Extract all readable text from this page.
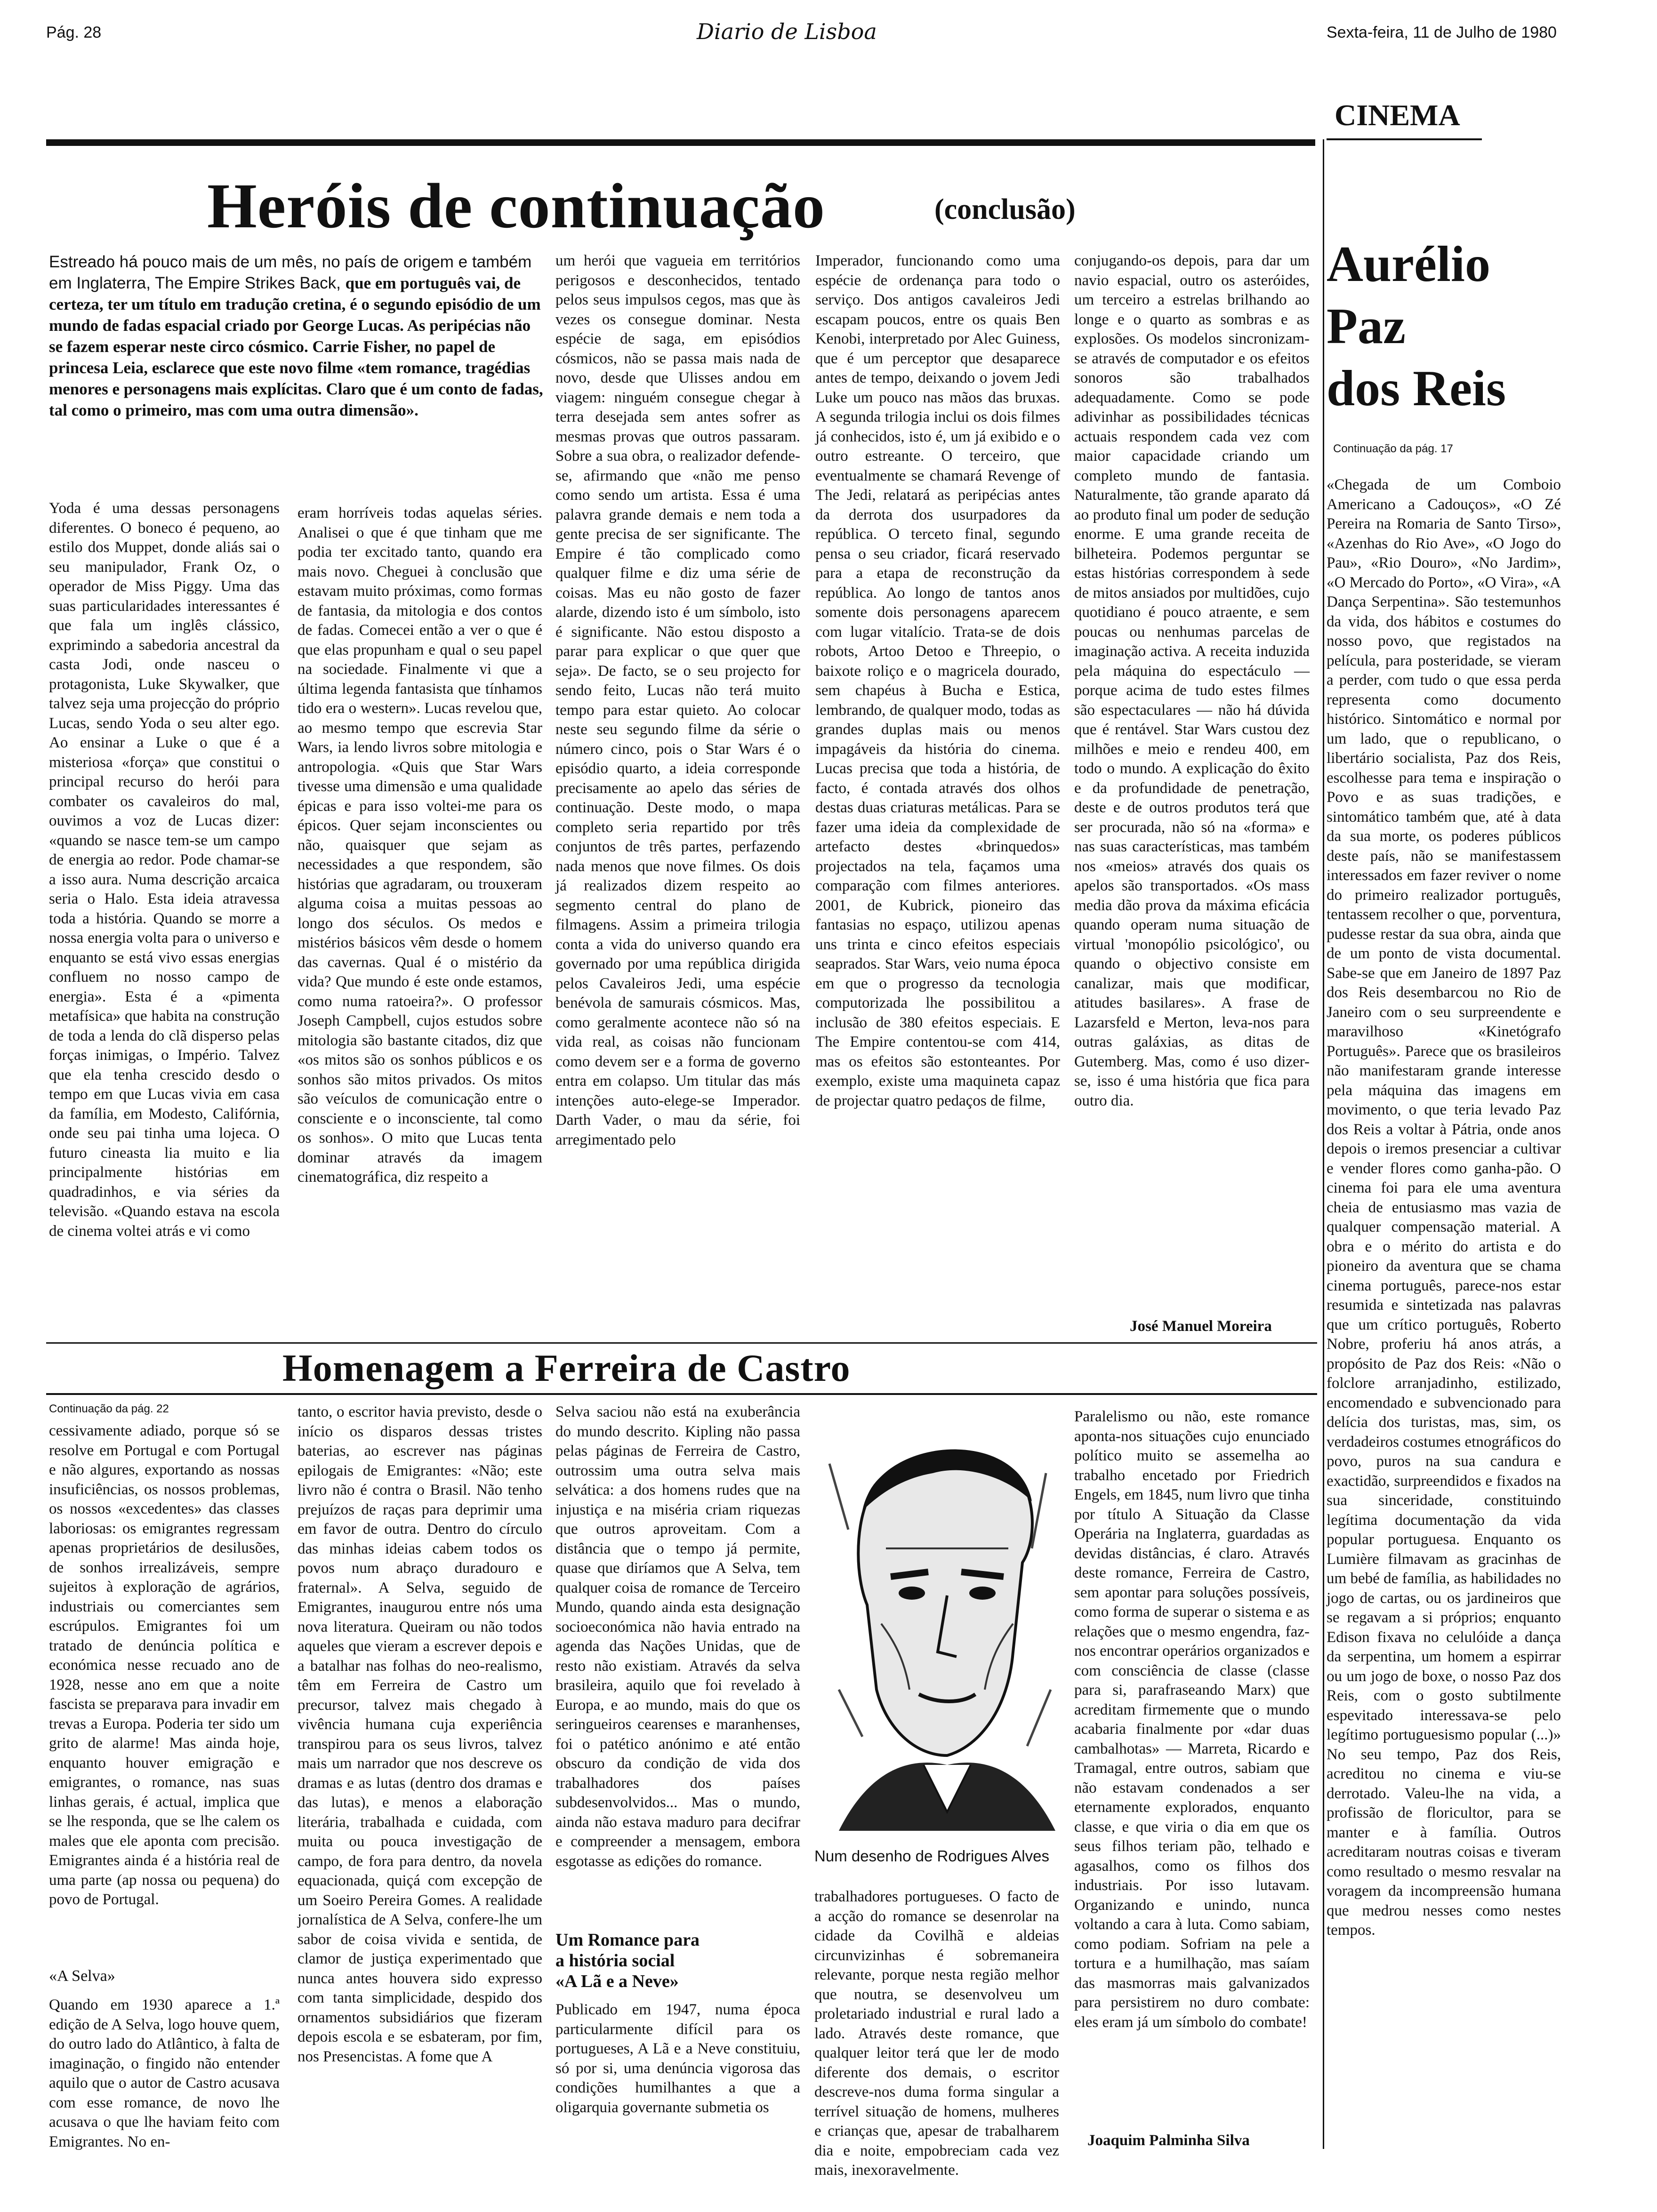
Pág. 28	Diario de Lisboa	Sexta-feira, 11 de Julho de 1980
CINEMA
Heróis de continuação	(conclusão)

Estreado há pouco mais de um mês, no país de origem e também em Inglaterra, The Empire Strikes Back, que em português vai, de certeza, ter um título em tradução cretina, é o segundo episódio de um mundo de fadas espacial criado por George Lucas. As peripécias não se fazem esperar neste circo cósmico. Carrie Fisher, no papel de princesa Leia, esclarece que este novo filme «tem romance, tragédias menores e personagens mais explícitas. Claro que é um conto de fadas, tal como o primeiro, mas com uma outra dimensão».

Yoda é uma dessas personagens diferentes. O boneco é pequeno, ao estilo dos Muppet, donde aliás sai o seu manipulador, Frank Oz, o operador de Miss Piggy. Uma das suas particularidades interessantes é que fala um inglês clássico, exprimindo a sabedoria ancestral da casta Jodi, onde nasceu o protagonista, Luke Skywalker, que talvez seja uma projecção do próprio Lucas, sendo Yoda o seu alter ego. Ao ensinar a Luke o que é a misteriosa «força» que constitui o principal recurso do herói para combater os cavaleiros do mal, ouvimos a voz de Lucas dizer: «quando se nasce tem-se um campo de energia ao redor. Pode chamar-se a isso aura. Numa descrição arcaica seria o Halo. Esta ideia atravessa toda a história. Quando se morre a nossa energia volta para o universo e enquanto se está vivo essas energias confluem no nosso campo de energia». Esta é a «pimenta metafísica» que habita na construção de toda a lenda do clã disperso pelas forças inimigas, o Império. Talvez que ela tenha crescido desdo o tempo em que Lucas vivia em casa da família, em Modesto, Califórnia, onde seu pai tinha uma lojeca. O futuro cineasta lia muito e lia principalmente histórias em quadradinhos, e via séries da televisão. «Quando estava na escola de cinema voltei atrás e vi como

eram horríveis todas aquelas séries. Analisei o que é que tinham que me podia ter excitado tanto, quando era mais novo. Cheguei à conclusão que estavam muito próximas, como formas de fantasia, da mitologia e dos contos de fadas. Comecei então a ver o que é que elas propunham e qual o seu papel na sociedade. Finalmente vi que a última legenda fantasista que tínhamos tido era o western». Lucas revelou que, ao mesmo tempo que escrevia Star Wars, ia lendo livros sobre mitologia e antropologia. «Quis que Star Wars tivesse uma dimensão e uma qualidade épicas e para isso voltei-me para os épicos. Quer sejam inconscientes ou não, quaisquer que sejam as necessidades a que respondem, são histórias que agradaram, ou trouxeram alguma coisa a muitas pessoas ao longo dos séculos. Os medos e mistérios básicos vêm desde o homem das cavernas. Qual é o mistério da vida? Que mundo é este onde estamos, como numa ratoeira?». O professor Joseph Campbell, cujos estudos sobre mitologia são bastante citados, diz que «os mitos são os sonhos públicos e os sonhos são mitos privados. Os mitos são veículos de comunicação entre o consciente e o inconsciente, tal como os sonhos». O mito que Lucas tenta dominar através da imagem cinematográfica, diz respeito a

um herói que vagueia em territórios perigosos e desconhecidos, tentado pelos seus impulsos cegos, mas que às vezes os consegue dominar. Nesta espécie de saga, em episódios cósmicos, não se passa mais nada de novo, desde que Ulisses andou em viagem: ninguém consegue chegar à terra desejada sem antes sofrer as mesmas provas que outros passaram. Sobre a sua obra, o realizador defende-se, afirmando que «não me penso como sendo um artista. Essa é uma palavra grande demais e nem toda a gente precisa de ser significante. The Empire é tão complicado como qualquer filme e diz uma série de coisas. Mas eu não gosto de fazer alarde, dizendo isto é um símbolo, isto é significante. Não estou disposto a parar para explicar o que quer que seja». De facto, se o seu projecto for sendo feito, Lucas não terá muito tempo para estar quieto. Ao colocar neste seu segundo filme da série o número cinco, pois o Star Wars é o episódio quarto, a ideia corresponde precisamente ao apelo das séries de continuação. Deste modo, o mapa completo seria repartido por três conjuntos de três partes, perfazendo nada menos que nove filmes. Os dois já realizados dizem respeito ao segmento central do plano de filmagens. Assim a primeira trilogia conta a vida do universo quando era governado por uma república dirigida pelos Cavaleiros Jedi, uma espécie benévola de samurais cósmicos. Mas, como geralmente acontece não só na vida real, as coisas não funcionam como devem ser e a forma de governo entra em colapso. Um titular das más intenções auto-elege-se Imperador. Darth Vader, o mau da série, foi arregimentado pelo

Imperador, funcionando como uma espécie de ordenança para todo o serviço. Dos antigos cavaleiros Jedi escapam poucos, entre os quais Ben Kenobi, interpretado por Alec Guiness, que é um perceptor que desaparece antes de tempo, deixando o jovem Jedi Luke um pouco nas mãos das bruxas. A segunda trilogia inclui os dois filmes já conhecidos, isto é, um já exibido e o outro estreante. O terceiro, que eventualmente se chamará Revenge of The Jedi, relatará as peripécias antes da derrota dos usurpadores da república. O terceto final, segundo pensa o seu criador, ficará reservado para a etapa de reconstrução da república. Ao longo de tantos anos somente dois personagens aparecem com lugar vitalício. Trata-se de dois robots, Artoo Detoo e Threepio, o baixote roliço e o magricela dourado, sem chapéus à Bucha e Estica, lembrando, de qualquer modo, todas as grandes duplas mais ou menos impagáveis da história do cinema. Lucas precisa que toda a história, de facto, é contada através dos olhos destas duas criaturas metálicas. Para se fazer uma ideia da complexidade de artefacto destes «brinquedos» projectados na tela, façamos uma comparação com filmes anteriores. 2001, de Kubrick, pioneiro das fantasias no espaço, utilizou apenas uns trinta e cinco efeitos especiais seaprados. Star Wars, veio numa época em que o progresso da tecnologia computorizada lhe possibilitou a inclusão de 380 efeitos especiais. E The Empire contentou-se com 414, mas os efeitos são estonteantes. Por exemplo, existe uma maquineta capaz de projectar quatro pedaços de filme,

conjugando-os depois, para dar um navio espacial, outro os asteróides, um terceiro a estrelas brilhando ao longe e o quarto as sombras e as explosões. Os modelos sincronizam-se através de computador e os efeitos sonoros são trabalhados adequadamente. Como se pode adivinhar as possibilidades técnicas actuais respondem cada vez com maior capacidade criando um completo mundo de fantasia. Naturalmente, tão grande aparato dá ao produto final um poder de sedução enorme. E uma grande receita de bilheteira. Podemos perguntar se estas histórias correspondem à sede de mitos ansiados por multidões, cujo quotidiano é pouco atraente, e sem poucas ou nenhumas parcelas de imaginação activa. A receita induzida pela máquina do espectáculo — porque acima de tudo estes filmes são espectaculares — não há dúvida que é rentável. Star Wars custou dez milhões e meio e rendeu 400, em todo o mundo. A explicação do êxito e da profundidade de penetração, deste e de outros produtos terá que ser procurada, não só na «forma» e nas suas características, mas também nos «meios» através dos quais os apelos são transportados. «Os mass media dão prova da máxima eficácia quando operam numa situação de virtual 'monopólio psicológico', ou quando o objectivo consiste em canalizar, mais que modificar, atitudes basilares». A frase de Lazarsfeld e Merton, leva-nos para outras galáxias, as ditas de Gutemberg. Mas, como é uso dizer-se, isso é uma história que fica para outro dia.

José Manuel Moreira
Aurélio
Paz
dos Reis
Continuação da pág. 17

«Chegada de um Comboio Americano a Cadouços», «O Zé Pereira na Romaria de Santo Tirso», «Azenhas do Rio Ave», «O Jogo do Pau», «Rio Douro», «No Jardim», «O Mercado do Porto», «O Vira», «A Dança Serpentina». São testemunhos da vida, dos hábitos e costumes do nosso povo, que registados na película, para posteridade, se vieram a perder, com tudo o que essa perda representa como documento histórico. Sintomático e normal por um lado, que o republicano, o libertário socialista, Paz dos Reis, escolhesse para tema e inspiração o Povo e as suas tradições, e sintomático também que, até à data da sua morte, os poderes públicos deste país, não se manifestassem interessados em fazer reviver o nome do primeiro realizador português, tentassem recolher o que, porventura, pudesse restar da sua obra, ainda que de um ponto de vista documental. Sabe-se que em Janeiro de 1897 Paz dos Reis desembarcou no Rio de Janeiro com o seu surpreendente e maravilhoso «Kinetógrafo Português». Parece que os brasileiros não manifestaram grande interesse pela máquina das imagens em movimento, o que teria levado Paz dos Reis a voltar à Pátria, onde anos depois o iremos presenciar a cultivar e vender flores como ganha-pão. O cinema foi para ele uma aventura cheia de entusiasmo mas vazia de qualquer compensação material. A obra e o mérito do artista e do pioneiro da aventura que se chama cinema português, parece-nos estar resumida e sintetizada nas palavras que um crítico português, Roberto Nobre, proferiu há anos atrás, a propósito de Paz dos Reis: «Não o folclore arranjadinho, estilizado, encomendado e subvencionado para delícia dos turistas, mas, sim, os verdadeiros costumes etnográficos do povo, puros na sua candura e exactidão, surpreendidos e fixados na sua sinceridade, constituindo legítima documentação da vida popular portuguesa. Enquanto os Lumière filmavam as gracinhas de um bebé de família, as habilidades no jogo de cartas, ou os jardineiros que se regavam a si próprios; enquanto Edison fixava no celulóide a dança da serpentina, um homem a espirrar ou um jogo de boxe, o nosso Paz dos Reis, com o gosto subtilmente espevitado interessava-se pelo legítimo portuguesismo popular (...)» No seu tempo, Paz dos Reis, acreditou no cinema e viu-se derrotado. Valeu-lhe na vida, a profissão de floricultor, para se manter e à família. Outros acreditaram noutras coisas e tiveram como resultado o mesmo resvalar na voragem da incompreensão humana que medrou nesses como nestes tempos.

Homenagem a Ferreira de Castro
Continuação da pág. 22

cessivamente adiado, porque só se resolve em Portugal e com Portugal e não algures, exportando as nossas insuficiências, os nossos problemas, os nossos «excedentes» das classes laboriosas: os emigrantes regressam apenas proprietários de desilusões, de sonhos irrealizáveis, sempre sujeitos à exploração de agrários, industriais ou comerciantes sem escrúpulos. Emigrantes foi um tratado de denúncia política e económica nesse recuado ano de 1928, nesse ano em que a noite fascista se preparava para invadir em trevas a Europa. Poderia ter sido um grito de alarme! Mas ainda hoje, enquanto houver emigração e emigrantes, o romance, nas suas linhas gerais, é actual, implica que se lhe responda, que se lhe calem os males que ele aponta com precisão. Emigrantes ainda é a história real de uma parte (ap nossa ou pequena) do povo de Portugal.

«A Selva»

Quando em 1930 aparece a 1.ª edição de A Selva, logo houve quem, do outro lado do Atlântico, à falta de imaginação, o fingido não entender aquilo que o autor de Castro acusava com esse romance, de novo lhe acusava o que lhe haviam feito com Emigrantes. No en-

tanto, o escritor havia previsto, desde o início os disparos dessas tristes baterias, ao escrever nas páginas epilogais de Emigrantes: «Não; este livro não é contra o Brasil. Não tenho prejuízos de raças para deprimir uma em favor de outra. Dentro do círculo das minhas ideias cabem todos os povos num abraço duradouro e fraternal». A Selva, seguido de Emigrantes, inaugurou entre nós uma nova literatura. Queiram ou não todos aqueles que vieram a escrever depois e a batalhar nas folhas do neo-realismo, têm em Ferreira de Castro um precursor, talvez mais chegado à vivência humana cuja experiência transpirou para os seus livros, talvez mais um narrador que nos descreve os dramas e as lutas (dentro dos dramas e das lutas), e menos a elaboração literária, trabalhada e cuidada, com muita ou pouca investigação de campo, de fora para dentro, da novela equacionada, quiçá com excepção de um Soeiro Pereira Gomes. A realidade jornalística de A Selva, confere-lhe um sabor de coisa vivida e sentida, de clamor de justiça experimentado que nunca antes houvera sido expresso com tanta simplicidade, despido dos ornamentos subsidiários que fizeram depois escola e se esbateram, por fim, nos Presencistas. A fome que A

Selva saciou não está na exuberância do mundo descrito. Kipling não passa pelas páginas de Ferreira de Castro, outrossim uma outra selva mais selvática: a dos homens rudes que na injustiça e na miséria criam riquezas que outros aproveitam. Com a distância que o tempo já permite, quase que diríamos que A Selva, tem qualquer coisa de romance de Terceiro Mundo, quando ainda esta designação socioeconómica não havia entrado na agenda das Nações Unidas, que de resto não existiam. Através da selva brasileira, aquilo que foi revelado à Europa, e ao mundo, mais do que os seringueiros cearenses e maranhenses, foi o patético anónimo e até então obscuro da condição de vida dos trabalhadores dos países subdesenvolvidos... Mas o mundo, ainda não estava maduro para decifrar e compreender a mensagem, embora esgotasse as edições do romance.

Um Romance para
a história social
«A Lã e a Neve»

Publicado em 1947, numa época particularmente difícil para os portugueses, A Lã e a Neve constituiu, só por si, uma denúncia vigorosa das condições humilhantes a que a oligarquia governante submetia os

Num desenho de Rodrigues Alves

trabalhadores portugueses. O facto de a acção do romance se desenrolar na cidade da Covilhã e aldeias circunvizinhas é sobremaneira relevante, porque nesta região melhor que noutra, se desenvolveu um proletariado industrial e rural lado a lado. Através deste romance, que qualquer leitor terá que ler de modo diferente dos demais, o escritor descreve-nos duma forma singular a terrível situação de homens, mulheres e crianças que, apesar de trabalharem dia e noite, empobreciam cada vez mais, inexoravelmente.

Paralelismo ou não, este romance aponta-nos situações cujo enunciado político muito se assemelha ao trabalho encetado por Friedrich Engels, em 1845, num livro que tinha por título A Situação da Classe Operária na Inglaterra, guardadas as devidas distâncias, é claro. Através deste romance, Ferreira de Castro, sem apontar para soluções possíveis, como forma de superar o sistema e as relações que o mesmo engendra, faz-nos encontrar operários organizados e com consciência de classe (classe para si, parafraseando Marx) que acreditam firmemente que o mundo acabaria finalmente por «dar duas cambalhotas» — Marreta, Ricardo e Tramagal, entre outros, sabiam que não estavam condenados a ser eternamente explorados, enquanto classe, e que viria o dia em que os seus filhos teriam pão, telhado e agasalhos, como os filhos dos industriais. Por isso lutavam. Organizando e unindo, nunca voltando a cara à luta. Como sabiam, como podiam. Sofriam na pele a tortura e a humilhação, mas saíam das masmorras mais galvanizados para persistirem no duro combate: eles eram já um símbolo do combate!

Joaquim Palminha Silva
